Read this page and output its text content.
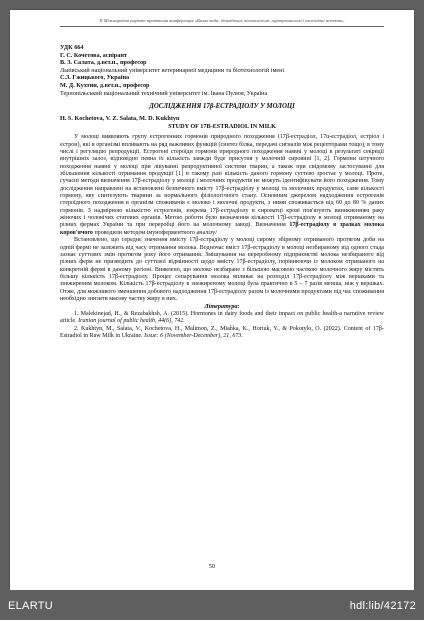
ІІ Міжнародна науково-практична конференція «Вплив води: біомедичні, технологічні, агропромислові і екологічні аспекти»
УДК 664
Г. С. Кочетова, аспірант
В. З. Салата, д.вет.н., професор
Львівський національний університет ветеринарної медицини та біотехнологій імені
С.З. Гжицького, Україна
М. Д. Кухтин, д.вет.н., професор
Тернопільський національний технічний університет ім. Івана Пулюя, Україна
ДОСЛІДЖЕННЯ 17β-ЕСТРАДІОЛУ У МОЛОЦІ
H. S. Kochetova, V. Z. Salata, M. D. Kukhtyn
STUDY OF 17B-ESTRADIOL IN MILK

У молоці виявляють групу естрогенних гормонів природного походження (17β-естрадіол, 17α-естрадіол, естріол і естрон), які в організмі впливають на ряд важливих функцій (синтез білка, передачі сигналів між рецепторами тощо), в тому числі і регуляцію репродукції. Естрогені стероїди гормони природного походження наявні у молоці в результаті секреції внутрішніх залоз, відповідно певна їх кількість завжди буде присутня у молочній сировині [1, 2]. Гормони штучного походження наявні у молоці при лікуванні репродуктивної системи тварин, а також при свідомому застосуванні для збільшення кількості отримання продукції [1] в такому разі кількість даного гормону суттєво зростає у молоці. Проте, сучасні методи визначення 17β-естрадіолу у молоці і молочних продуктів не можуть ідентифікувати його походження. Тому дослідження направлені на встановлені безпечного вмісту 17β-естрадіолу у молоці та молочних продуктах, саме кількості гормону, яку синтезують тварини за нормального фізіологічного стану. Основним джерелом надходження естрогенів стероїдного походження в організм споживачів є молоко і молочні продукти, з ними споживається від 60 до 80 % даних гормонів. З надмірною кількістю естрогенів, зокрема 17β-естрадіолу в сироватці крові пов'язують виникненням раку жіночих і чоловічих статевих органів. Метою роботи було визначення кількості 17β-естрадіолу в молоці отриманому на різних фермах України та при переробці його на молочному заводі. Визначення 17β-естрадіолу в зразках молока коров'ячого проводили методом імуноферментного аналізу/

Встановлено, що середнє значення вмісту 17β-естрадіолу у молоці сирому збірному отриманого протягом доби на одній фермі не залежить від часу отримання молока. Водночас вміст 17β-естрадіолу в молоці незбираному від одного стада зазнає суттєвих змін протягом року його отримання. Змішування на переробному підприємстві молока незбираного від різних ферм не призводить до суттєвої відмінності щодо вмісту 17β-естрадіолу, порівнюючи із молоком отриманого на конкретній фермі в даному регіоні. Виявлено, що молоко незбиране з більшою масовою часткою молочного жиру містить більшу кількість 17β-естрадіолу. Процес сепарування молока впливає на розподіл 17β-естрадіолу між вершками та знежиреним молоком. Кількість 17β-естрадіолу в знежиреному молоці була практично в 5 – 7 разів менша, ніж у вершках. Отже, для можливого зменшення добового надходження 17β-естрадіолу разом із молочними продуктами під час споживання необхідно знизити масову частку жиру в них.

Література:
1. Malekinejad, H., & Rezabakhsh, A. (2015). Hormones in dairy foods and their impact on public health-a narrative review article. Iranian journal of public health, 44(6), 742.
2. Kukhtyn, M., Salata, V., Kochetova, H., Malimon, Z., Miahka, K., Horiuk, Y., & Pokotylo, O. (2022). Content of 17β-Estradiol in Raw Milk in Ukraine. Issue: 6 (November-December), 21, 673.
50
ELARTU	hdl:lib/42172
